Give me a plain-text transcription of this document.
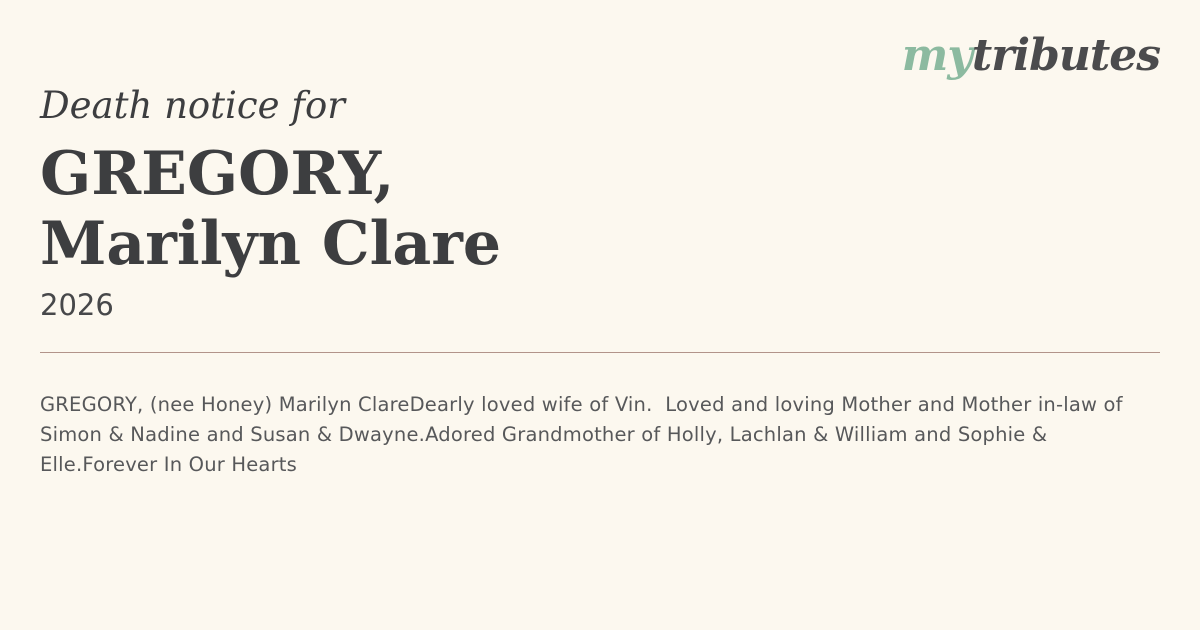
mytributes
Death notice for
GREGORY,
Marilyn Clare
2026

GREGORY, (nee Honey) Marilyn ClareDearly loved wife of Vin.  Loved and loving Mother and Mother in-law of Simon & Nadine and Susan & Dwayne.Adored Grandmother of Holly, Lachlan & William and Sophie & Elle.Forever In Our Hearts
